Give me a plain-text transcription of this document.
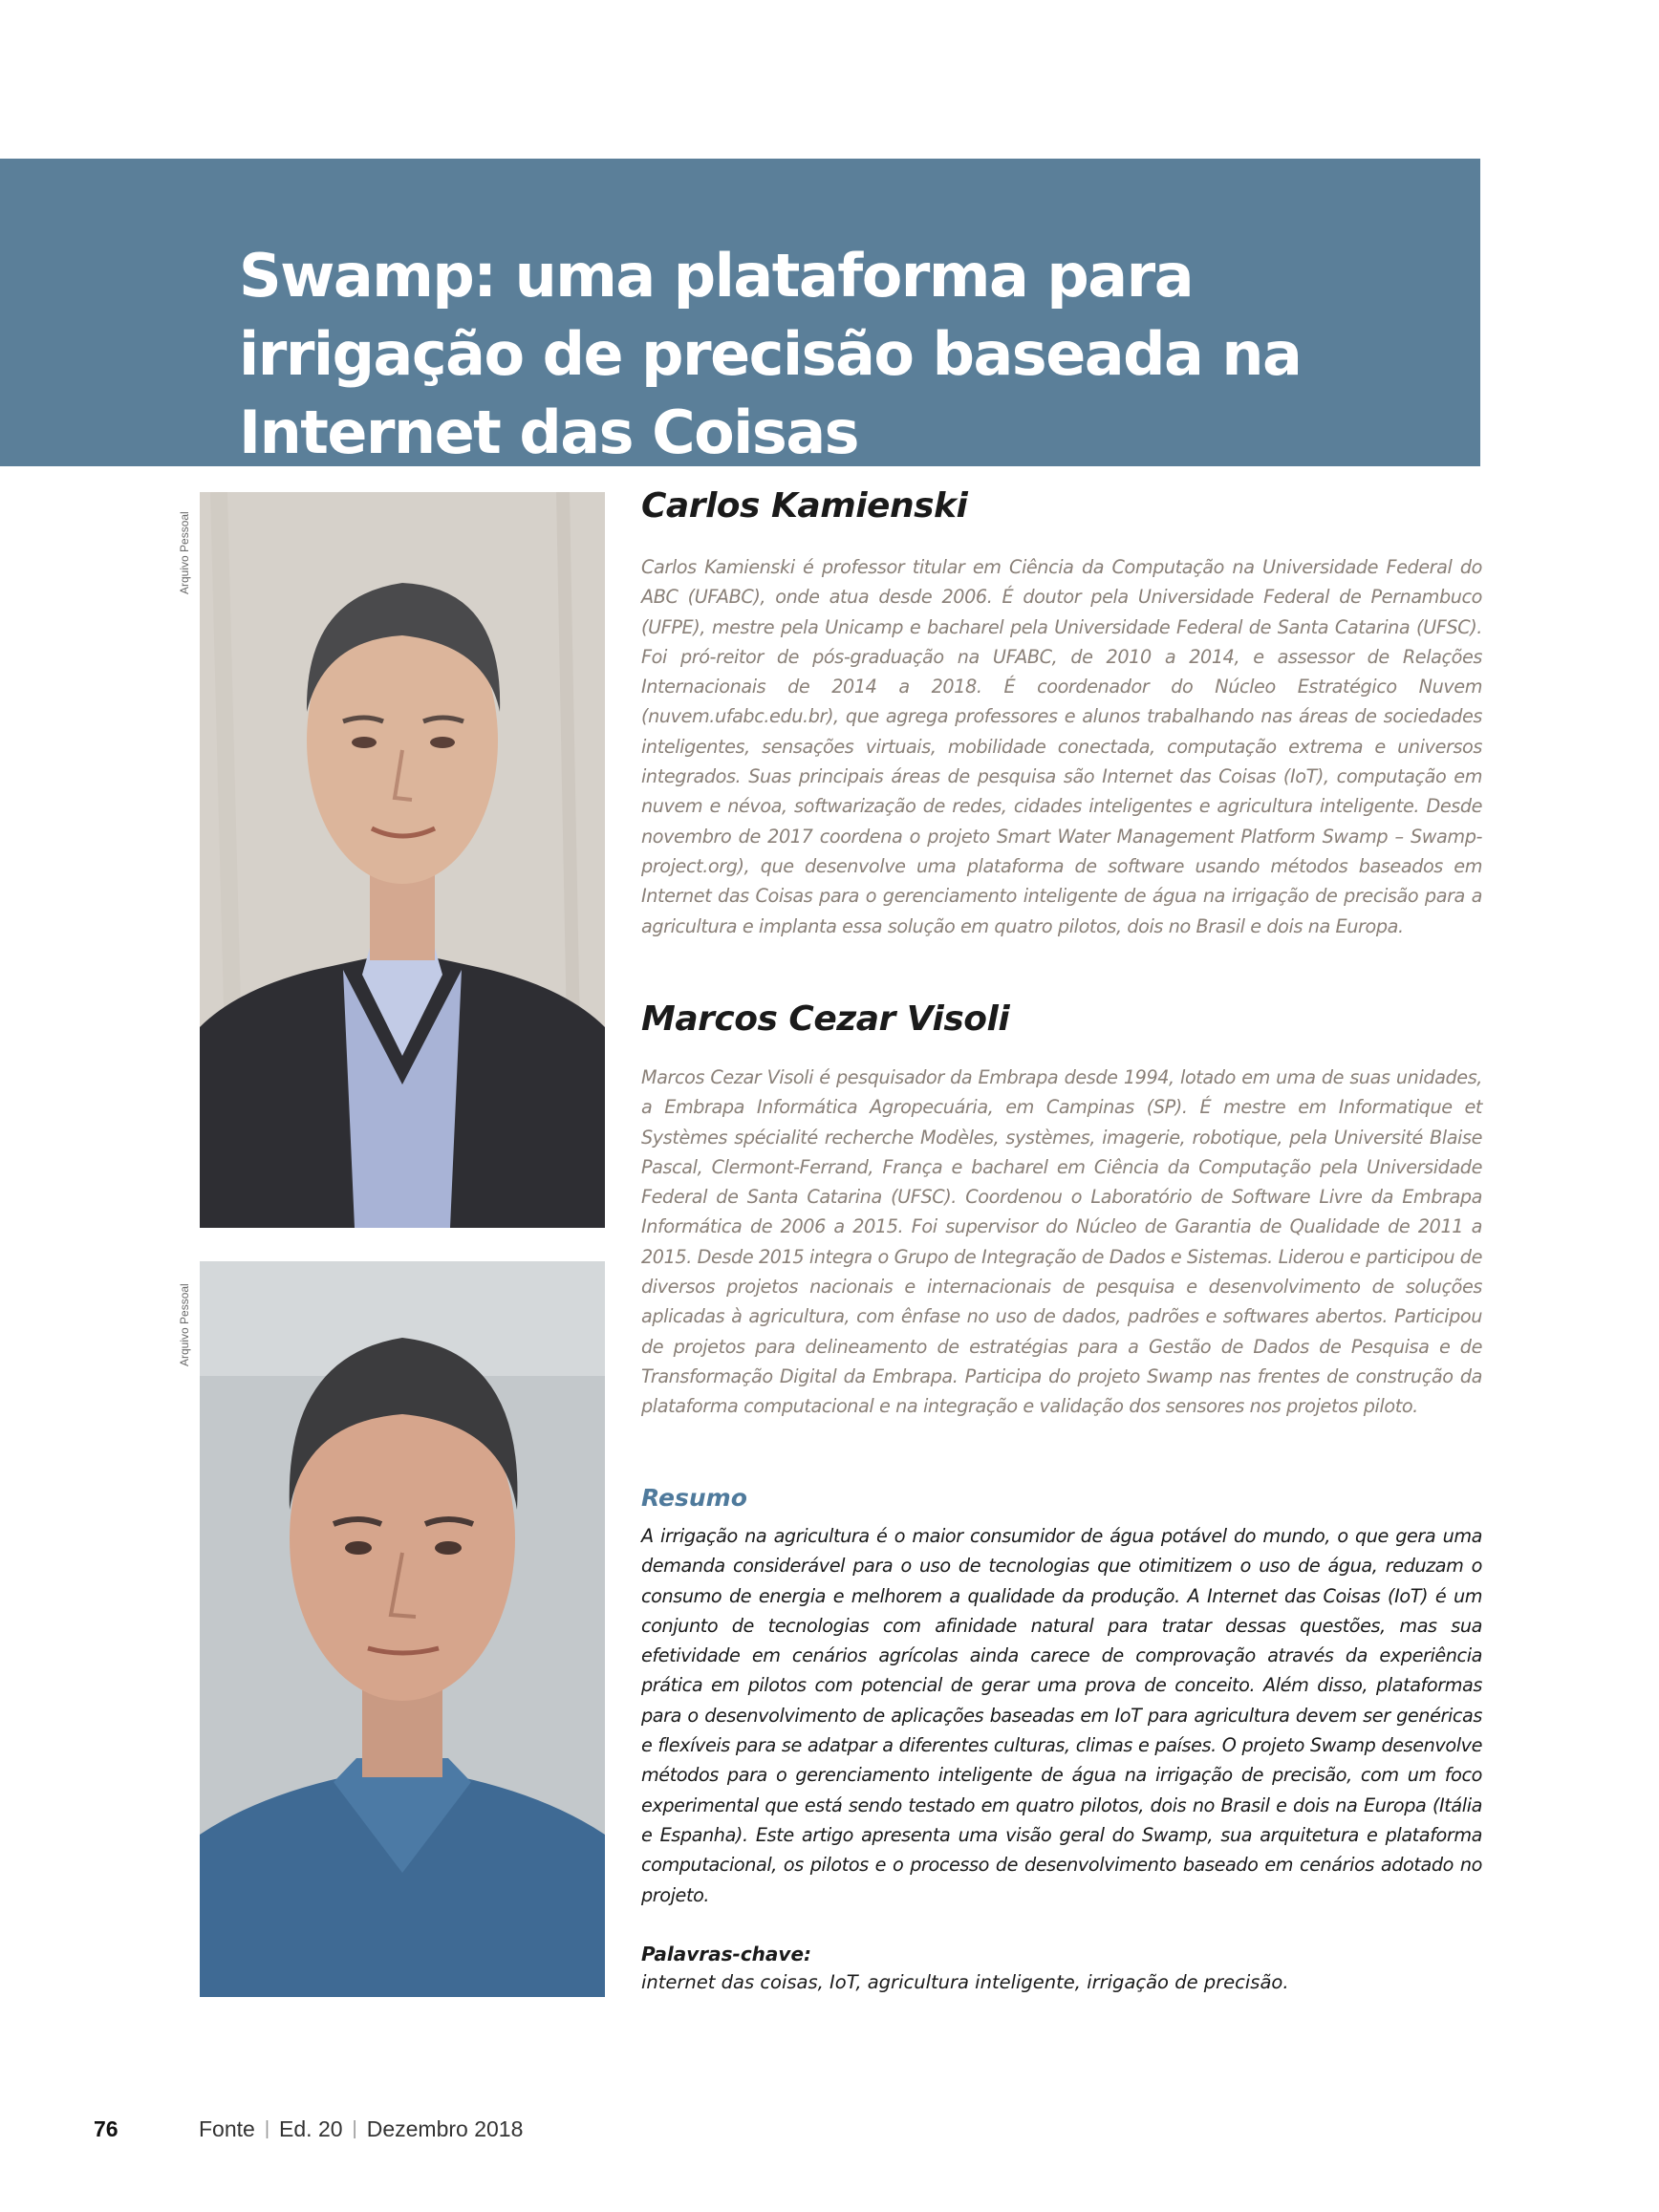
Swamp: uma plataforma para irrigação de precisão baseada na Internet das Coisas
Arquivo Pessoal
Arquivo Pessoal
Carlos Kamienski

Carlos Kamienski é professor titular em Ciência da Computação na Universidade Federal do ABC (UFABC), onde atua desde 2006. É doutor pela Universidade Federal de Pernambuco (UFPE), mestre pela Unicamp e bacharel pela Universidade Federal de Santa Catarina (UFSC). Foi pró-reitor de pós-graduação na UFABC, de 2010 a 2014, e assessor de Relações Internacionais de 2014 a 2018. É coordenador do Núcleo Estratégico Nuvem (nuvem.ufabc.edu.br), que agrega professores e alunos trabalhando nas áreas de sociedades inteligentes, sensações virtuais, mobilidade conectada, computação extrema e universos integrados. Suas principais áreas de pesquisa são Internet das Coisas (IoT), computação em nuvem e névoa, softwarização de redes, cidades inteligentes e agricultura inteligente. Desde novembro de 2017 coordena o projeto Smart Water Management Platform Swamp – Swamp-project.org), que desenvolve uma plataforma de software usando métodos baseados em Internet das Coisas para o gerenciamento inteligente de água na irrigação de precisão para a agricultura e implanta essa solução em quatro pilotos, dois no Brasil e dois na Europa.

Marcos Cezar Visoli

Marcos Cezar Visoli é pesquisador da Embrapa desde 1994, lotado em uma de suas unidades, a Embrapa Informática Agropecuária, em Campinas (SP). É mestre em Informatique et Systèmes spécialité recherche Modèles, systèmes, imagerie, robotique, pela Université Blaise Pascal, Clermont-Ferrand, França e bacharel em Ciência da Computação pela Universidade Federal de Santa Catarina (UFSC). Coordenou o Laboratório de Software Livre da Embrapa Informática de 2006 a 2015. Foi supervisor do Núcleo de Garantia de Qualidade de 2011 a 2015. Desde 2015 integra o Grupo de Integração de Dados e Sistemas. Liderou e participou de diversos projetos nacionais e internacionais de pesquisa e desenvolvimento de soluções aplicadas à agricultura, com ênfase no uso de dados, padrões e softwares abertos. Participou de projetos para delineamento de estratégias para a Gestão de Dados de Pesquisa e de Transformação Digital da Embrapa. Participa do projeto Swamp nas frentes de construção da plataforma computacional e na integração e validação dos sensores nos projetos piloto.

Resumo

A irrigação na agricultura é o maior consumidor de água potável do mundo, o que gera uma demanda considerável para o uso de tecnologias que otimitizem o uso de água, reduzam o consumo de energia e melhorem a qualidade da produção. A Internet das Coisas (IoT) é um conjunto de tecnologias com afinidade natural para tratar dessas questões, mas sua efetividade em cenários agrícolas ainda carece de comprovação através da experiência prática em pilotos com potencial de gerar uma prova de conceito. Além disso, plataformas para o desenvolvimento de aplicações baseadas em IoT para agricultura devem ser genéricas e flexíveis para se adatpar a diferentes culturas, climas e países. O projeto Swamp desenvolve métodos para o gerenciamento inteligente de água na irrigação de precisão, com um foco experimental que está sendo testado em quatro pilotos, dois no Brasil e dois na Europa (Itália e Espanha). Este artigo apresenta uma visão geral do Swamp, sua arquitetura e plataforma computacional, os pilotos e o processo de desenvolvimento baseado em cenários adotado no projeto.

Palavras-chave:

internet das coisas, IoT, agricultura inteligente, irrigação de precisão.

76	Fonte | Ed. 20 | Dezembro 2018
